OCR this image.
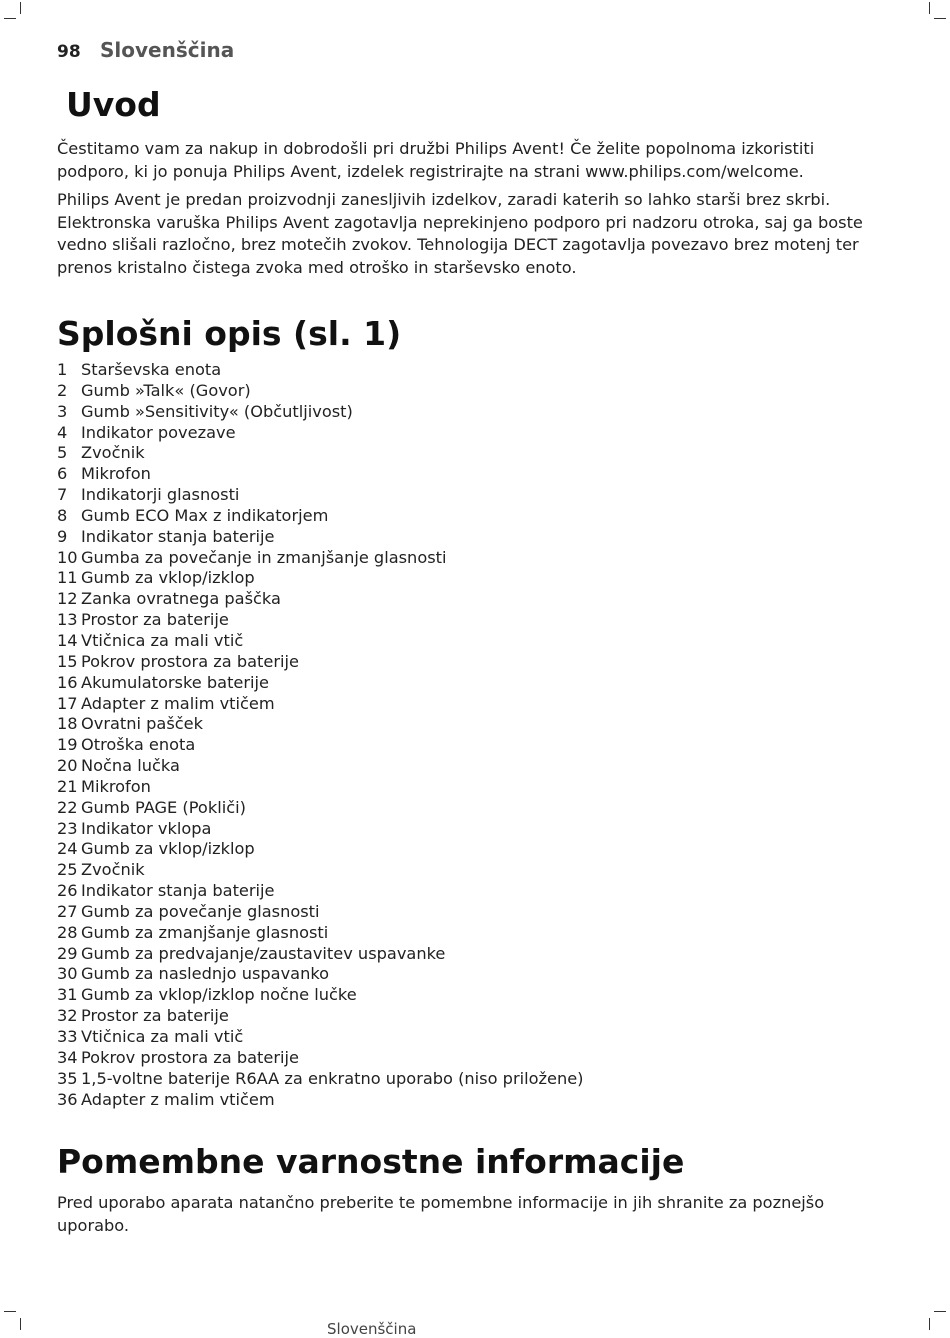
98 Slovenščina
Uvod

Čestitamo vam za nakup in dobrodošli pri družbi Philips Avent! Če želite popolnoma izkoristiti podporo, ki jo ponuja Philips Avent, izdelek registrirajte na strani www.philips.com/welcome.

Philips Avent je predan proizvodnji zanesljivih izdelkov, zaradi katerih so lahko starši brez skrbi. Elektronska varuška Philips Avent zagotavlja neprekinjeno podporo pri nadzoru otroka, saj ga boste vedno slišali razločno, brez motečih zvokov. Tehnologija DECT zagotavlja povezavo brez motenj ter prenos kristalno čistega zvoka med otroško in starševsko enoto.

Splošni opis (sl. 1)
1 Starševska enota
2 Gumb »Talk« (Govor)
3 Gumb »Sensitivity« (Občutljivost)
4 Indikator povezave
5 Zvočnik
6 Mikrofon
7 Indikatorji glasnosti
8 Gumb ECO Max z indikatorjem
9 Indikator stanja baterije
10 Gumba za povečanje in zmanjšanje glasnosti
11 Gumb za vklop/izklop
12 Zanka ovratnega paščka
13 Prostor za baterije
14 Vtičnica za mali vtič
15 Pokrov prostora za baterije
16 Akumulatorske baterije
17 Adapter z malim vtičem
18 Ovratni pašček
19 Otroška enota
20 Nočna lučka
21 Mikrofon
22 Gumb PAGE (Pokliči)
23 Indikator vklopa
24 Gumb za vklop/izklop
25 Zvočnik
26 Indikator stanja baterije
27 Gumb za povečanje glasnosti
28 Gumb za zmanjšanje glasnosti
29 Gumb za predvajanje/zaustavitev uspavanke
30 Gumb za naslednjo uspavanko
31 Gumb za vklop/izklop nočne lučke
32 Prostor za baterije
33 Vtičnica za mali vtič
34 Pokrov prostora za baterije
35 1,5-voltne baterije R6AA za enkratno uporabo (niso priložene)
36 Adapter z malim vtičem
Pomembne varnostne informacije

Pred uporabo aparata natančno preberite te pomembne informacije in jih shranite za poznejšo uporabo.

Slovenščina
